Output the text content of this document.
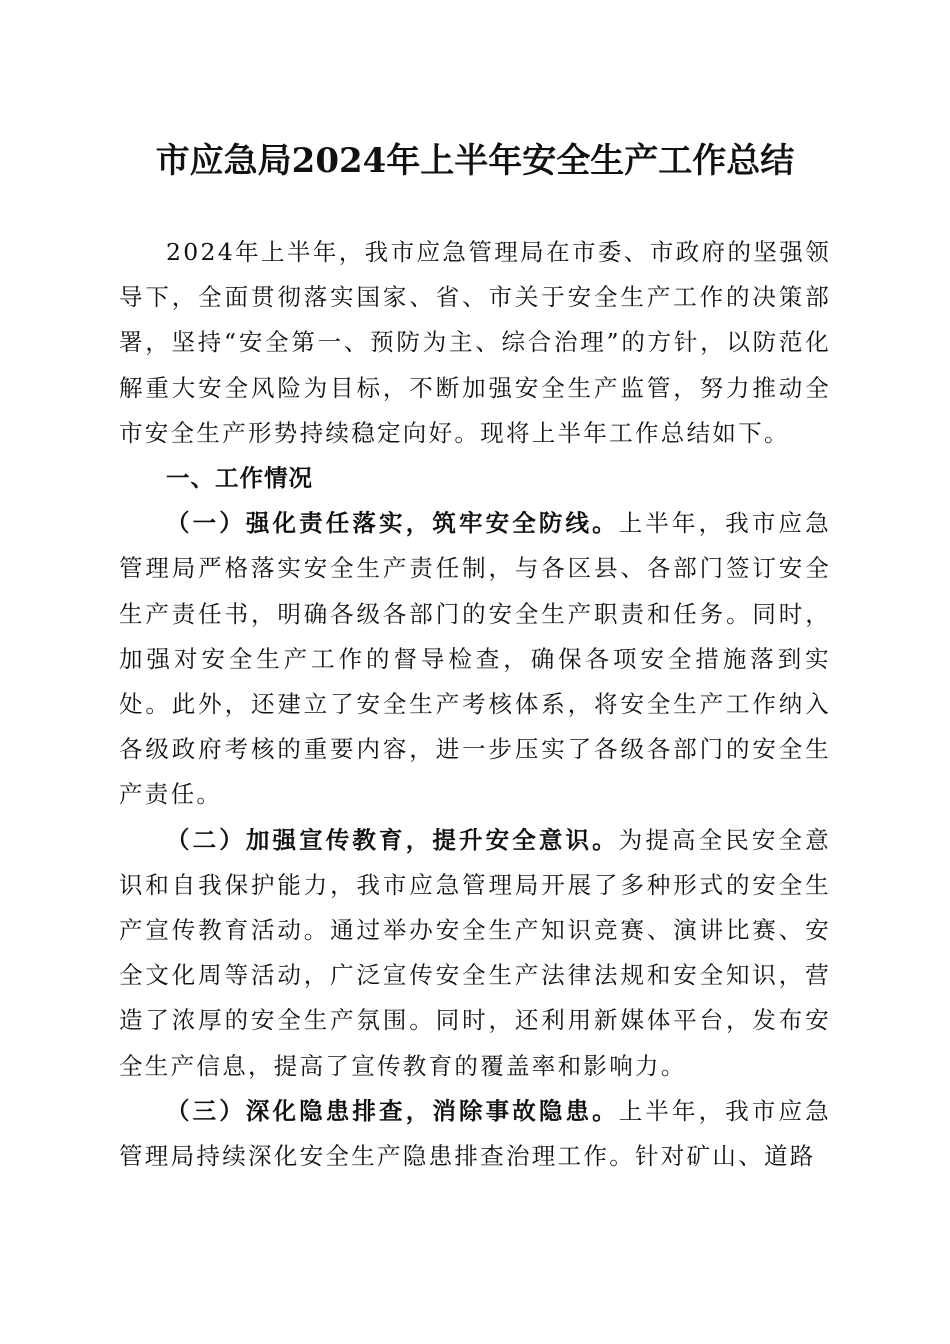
市应急局2024年上半年安全生产工作总结

2024年上半年，我市应急管理局在市委、市政府的坚强领导下，全面贯彻落实国家、省、市关于安全生产工作的决策部署，坚持“安全第一、预防为主、综合治理”的方针，以防范化解重大安全风险为目标，不断加强安全生产监管，努力推动全市安全生产形势持续稳定向好。现将上半年工作总结如下。

一、工作情况

（一）强化责任落实，筑牢安全防线。上半年，我市应急管理局严格落实安全生产责任制，与各区县、各部门签订安全生产责任书，明确各级各部门的安全生产职责和任务。同时，加强对安全生产工作的督导检查，确保各项安全措施落到实处。此外，还建立了安全生产考核体系，将安全生产工作纳入各级政府考核的重要内容，进一步压实了各级各部门的安全生产责任。

（二）加强宣传教育，提升安全意识。为提高全民安全意识和自我保护能力，我市应急管理局开展了多种形式的安全生产宣传教育活动。通过举办安全生产知识竞赛、演讲比赛、安全文化周等活动，广泛宣传安全生产法律法规和安全知识，营造了浓厚的安全生产氛围。同时，还利用新媒体平台，发布安全生产信息，提高了宣传教育的覆盖率和影响力。

（三）深化隐患排查，消除事故隐患。上半年，我市应急管理局持续深化安全生产隐患排查治理工作。针对矿山、道路
